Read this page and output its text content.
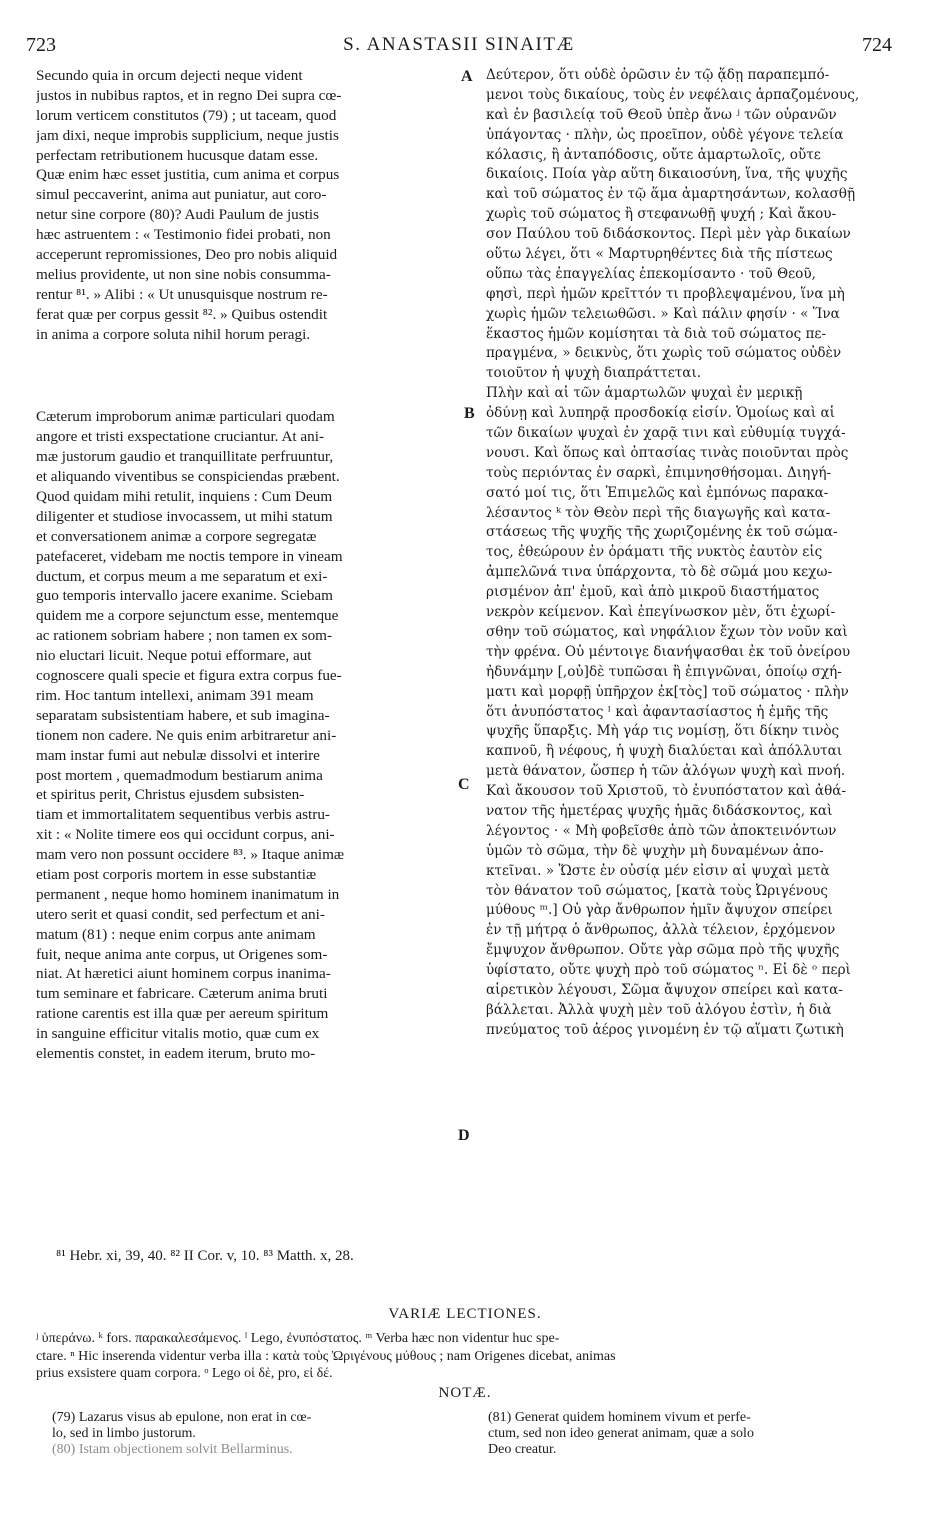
723	S. ANASTASII SINAITÆ	724
Secundo quia in orcum dejecti neque vident
justos in nubibus raptos, et in regno Dei supra cœ-
lorum verticem constitutos (79) ; ut taceam, quod
jam dixi, neque improbis supplicium, neque justis
perfectam retributionem hucusque datam esse.
Quæ enim hæc esset justitia, cum anima et corpus
simul peccaverint, anima aut puniatur, aut coro-
netur sine corpore (80)? Audi Paulum de justis
hæc astruentem : « Testimonio fidei probati, non
acceperunt repromissiones, Deo pro nobis aliquid
melius providente, ut non sine nobis consumma-
rentur ⁸¹. » Alibi : « Ut unusquisque nostrum re-
ferat quæ per corpus gessit ⁸². » Quibus ostendit
in anima a corpore soluta nihil horum peragi.
Cæterum improborum animæ particulari quodam
angore et tristi exspectatione cruciantur. At ani-
mæ justorum gaudio et tranquillitate perfruuntur,
et aliquando viventibus se conspiciendas præbent.
Quod quidam mihi retulit, inquiens : Cum Deum
diligenter et studiose invocassem, ut mihi statum
et conversationem animæ a corpore segregatæ
patefaceret, videbam me noctis tempore in vineam
ductum, et corpus meum a me separatum et exi-
guo temporis intervallo jacere exanime. Sciebam
quidem me a corpore sejunctum esse, mentemque
ac rationem sobriam habere ; non tamen ex som-
nio eluctari licuit. Neque potui efformare, aut
cognoscere quali specie et figura extra corpus fue-
rim. Hoc tantum intellexi, animam 391 meam
separatam subsistentiam habere, et sub imagina-
tionem non cadere. Ne quis enim arbitraretur ani-
mam instar fumi aut nebulæ dissolvi et interire
post mortem , quemadmodum bestiarum anima
et spiritus perit, Christus ejusdem subsisten-
tiam et immortalitatem sequentibus verbis astru-
xit : « Nolite timere eos qui occidunt corpus, ani-
mam vero non possunt occidere ⁸³. » Itaque animæ
etiam post corporis mortem in esse substantiæ
permanent , neque homo hominem inanimatum in
utero serit et quasi condit, sed perfectum et ani-
matum (81) : neque enim corpus ante animam
fuit, neque anima ante corpus, ut Origenes som-
niat. At hæretici aiunt hominem corpus inanima-
tum seminare et fabricare. Cæterum anima bruti
ratione carentis est illa quæ per aereum spiritum
in sanguine efficitur vitalis motio, quæ cum ex
elementis constet, in eadem iterum, bruto mo-
Δεύτερον, ὅτι οὐδὲ ὁρῶσιν ἐν τῷ ᾅδῃ παραπεμπό-
μενοι τοὺς δικαίους, τοὺς ἐν νεφέλαις ἁρπαζομένους,
καὶ ἐν βασιλείᾳ τοῦ Θεοῦ ὑπὲρ ἄνω ʲ τῶν οὐρανῶν
ὑπάγοντας · πλὴν, ὡς προεῖπον, οὐδὲ γέγονε τελεία
κόλασις, ἢ ἀνταπόδοσις, οὔτε ἁμαρτωλοῖς, οὔτε
δικαίοις. Ποία γὰρ αὕτη δικαιοσύνη, ἵνα, τῆς ψυχῆς
καὶ τοῦ σώματος ἐν τῷ ἅμα ἁμαρτησάντων, κολασθῇ
χωρὶς τοῦ σώματος ἢ στεφανωθῇ ψυχή ; Καὶ ἄκου-
σον Παύλου τοῦ διδάσκοντος. Περὶ μὲν γὰρ δικαίων
οὕτω λέγει, ὅτι « Μαρτυρηθέντες διὰ τῆς πίστεως
οὕπω τὰς ἐπαγγελίας ἐπεκομίσαντο · τοῦ Θεοῦ,
φησὶ, περὶ ἡμῶν κρεῖττόν τι προβλεψαμένου, ἵνα μὴ
χωρὶς ἡμῶν τελειωθῶσι. » Καὶ πάλιν φησίν · « Ἵνα
ἕκαστος ἡμῶν κομίσηται τὰ διὰ τοῦ σώματος πε-
πραγμένα, » δεικνὺς, ὅτι χωρὶς τοῦ σώματος οὐδὲν
τοιοῦτον ἡ ψυχὴ διαπράττεται.
Πλὴν καὶ αἱ τῶν ἁμαρτωλῶν ψυχαὶ ἐν μερικῇ
ὀδύνῃ καὶ λυπηρᾷ προσδοκίᾳ εἰσίν. Ὁμοίως καὶ αἱ
τῶν δικαίων ψυχαὶ ἐν χαρᾷ τινι καὶ εὐθυμίᾳ τυγχά-
νουσι. Καὶ ὅπως καὶ ὀπτασίας τινὰς ποιοῦνται πρὸς
τοὺς περιόντας ἐν σαρκὶ, ἐπιμνησθήσομαι. Διηγή-
σατό μοί τις, ὅτι Ἐπιμελῶς καὶ ἐμπόνως παρακα-
λέσαντος ᵏ τὸν Θεὸν περὶ τῆς διαγωγῆς καὶ κατα-
στάσεως τῆς ψυχῆς τῆς χωριζομένης ἐκ τοῦ σώμα-
τος, ἐθεώρουν ἐν ὁράματι τῆς νυκτὸς ἐαυτὸν εἰς
ἀμπελῶνά τινα ὑπάρχοντα, τὸ δὲ σῶμά μου κεχω-
ρισμένον ἀπ' ἐμοῦ, καὶ ἀπὸ μικροῦ διαστήματος
νεκρὸν κείμενον. Καὶ ἐπεγίνωσκον μὲν, ὅτι ἐχωρί-
σθην τοῦ σώματος, καὶ νηφάλιον ἔχων τὸν νοῦν καὶ
τὴν φρένα. Οὐ μέντοιγε διανήψασθαι ἐκ τοῦ ὀνείρου
ἠδυνάμην [,οὐ]δὲ τυπῶσαι ἢ ἐπιγνῶναι, ὁποίῳ σχή-
ματι καὶ μορφῇ ὑπῆρχον ἐκ[τὸς] τοῦ σώματος · πλὴν
ὅτι ἀνυπόστατος ˡ καὶ ἀφαντασίαστος ἡ ἐμῆς τῆς
ψυχῆς ὕπαρξις. Μὴ γάρ τις νομίσῃ, ὅτι δίκην τινὸς
καπνοῦ, ἢ νέφους, ἡ ψυχὴ διαλύεται καὶ ἀπόλλυται
μετὰ θάνατον, ὥσπερ ἡ τῶν ἀλόγων ψυχὴ καὶ πνοή.
Καὶ ἄκουσον τοῦ Χριστοῦ, τὸ ἐνυπόστατον καὶ ἀθά-
νατον τῆς ἡμετέρας ψυχῆς ἡμᾶς διδάσκοντος, καὶ
λέγοντος · « Μὴ φοβεῖσθε ἀπὸ τῶν ἀποκτεινόντων
ὑμῶν τὸ σῶμα, τὴν δὲ ψυχὴν μὴ δυναμένων ἀπο-
κτεῖναι. » Ὥστε ἐν οὐσίᾳ μέν εἰσιν αἱ ψυχαὶ μετὰ
τὸν θάνατον τοῦ σώματος, [κατὰ τοὺς Ὠριγένους
μύθους ᵐ.] Οὐ γὰρ ἄνθρωπον ἡμῖν ἄψυχον σπείρει
ἐν τῇ μήτρᾳ ὁ ἄνθρωπος, ἀλλὰ τέλειον, ἐρχόμενον
ἔμψυχον ἄνθρωπον. Οὔτε γὰρ σῶμα πρὸ τῆς ψυχῆς
ὑφίστατο, οὔτε ψυχὴ πρὸ τοῦ σώματος ⁿ. Εἰ δὲ ᵒ περὶ
αἱρετικὸν λέγουσι, Σῶμα ἄψυχον σπείρει καὶ κατα-
βάλλεται. Ἀλλὰ ψυχὴ μὲν τοῦ ἀλόγου ἐστὶν, ἡ διὰ
πνεύματος τοῦ ἀέρος γινομένη ἐν τῷ αἵματι ζωτικὴ
A
B
C
D
⁸¹ Hebr. xi, 39, 40. ⁸² II Cor. v, 10. ⁸³ Matth. x, 28.
VARIÆ LECTIONES.
ʲ ὑπεράνω. ᵏ fors. παρακαλεσάμενος. ˡ Lego, ἐνυπόστατος. ᵐ Verba hæc non videntur huc spe-
ctare. ⁿ Hic inserenda videntur verba illa : κατὰ τοὺς Ὠριγένους μύθους ; nam Origenes dicebat, animas
prius exsistere quam corpora. ᵒ Lego οἱ δὲ, pro, εἰ δέ.
NOTÆ.
(79) Lazarus visus ab epulone, non erat in cœ-
lo, sed in limbo justorum.
(80) Istam objectionem solvit Bellarminus.
(81) Generat quidem hominem vivum et perfe-
ctum, sed non ideo generat animam, quæ a solo
Deo creatur.
